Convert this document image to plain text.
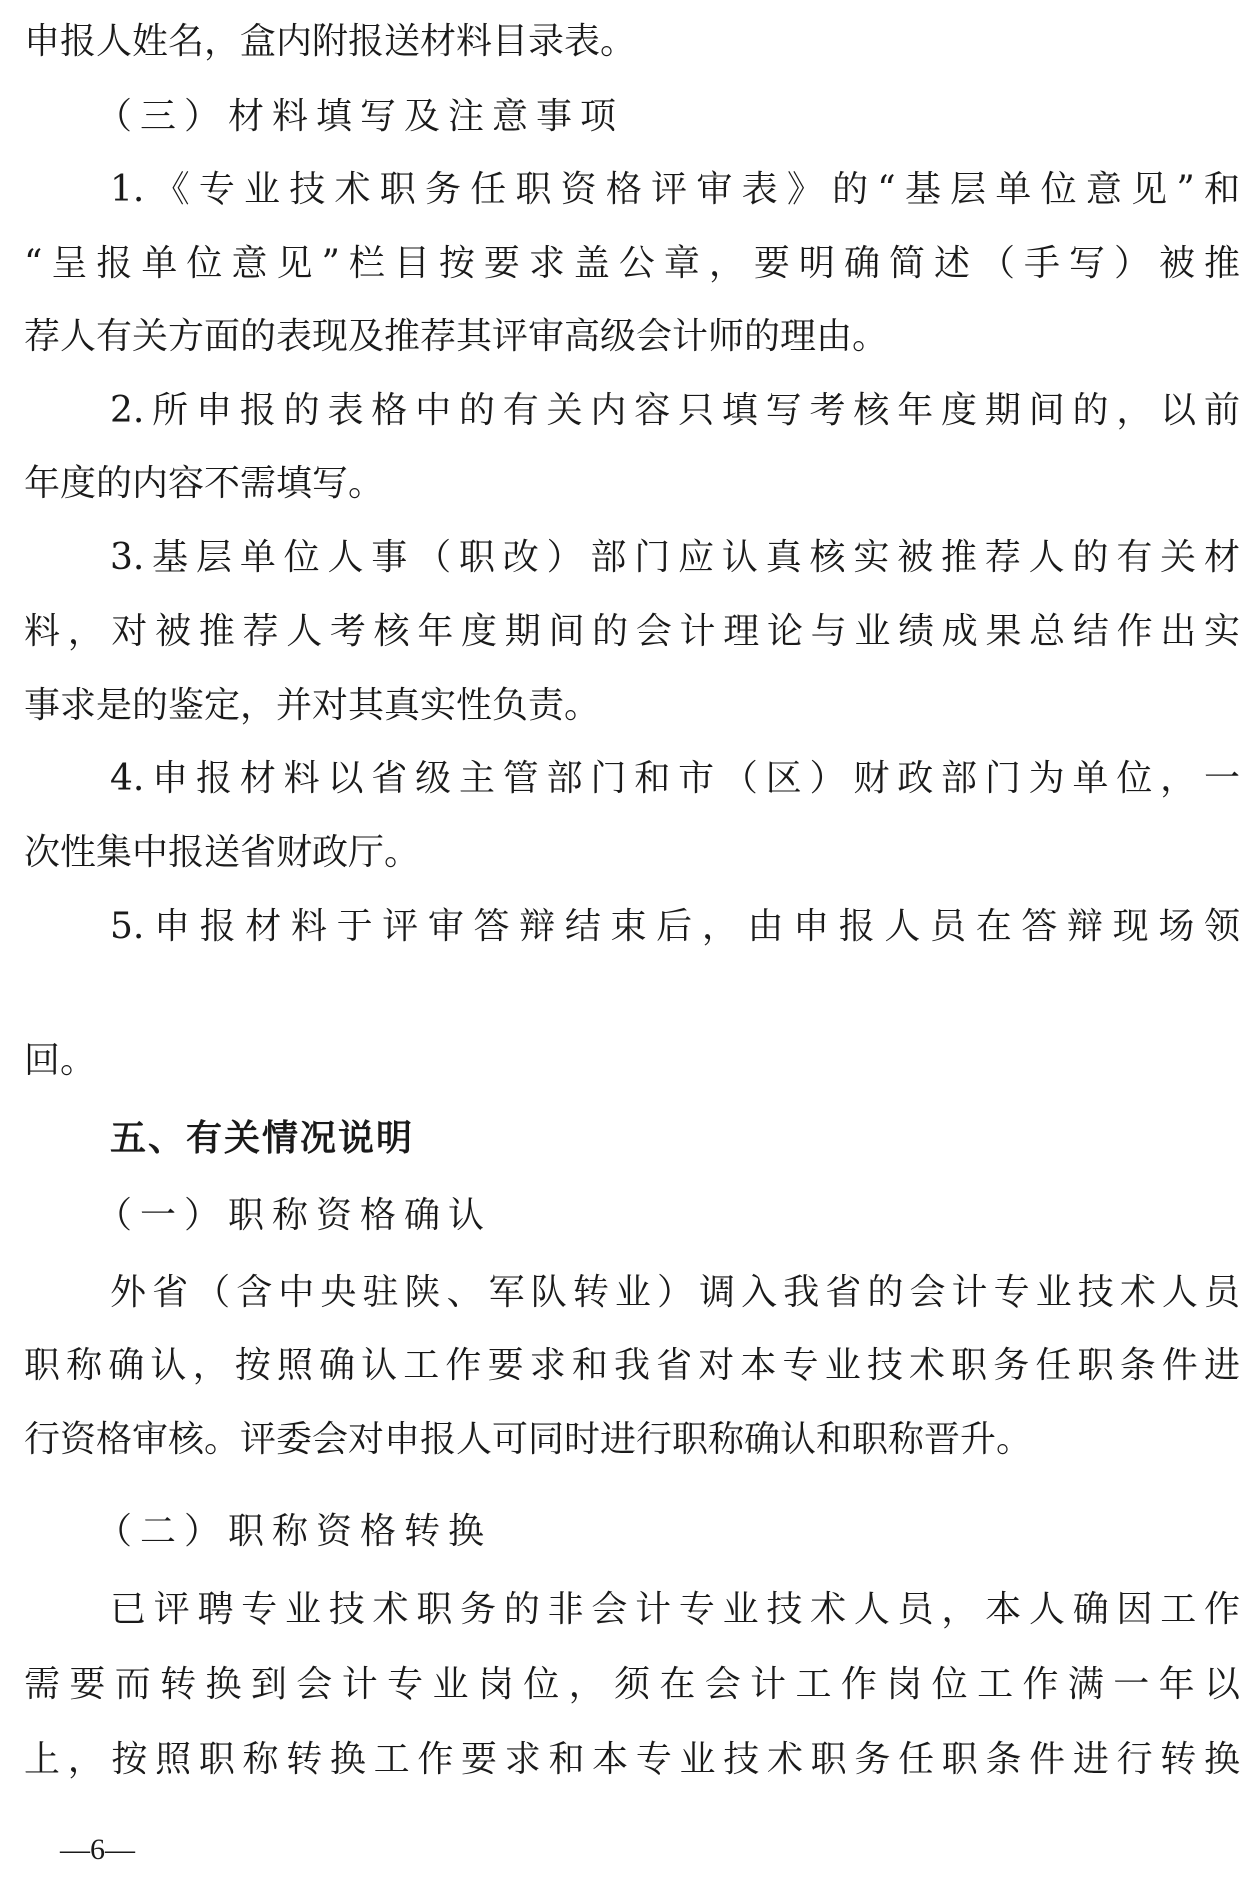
申报人姓名，盒内附报送材料目录表。
（三）材料填写及注意事项
1.《专业技术职务任职资格评审表》的“基层单位意见”和
“呈报单位意见”栏目按要求盖公章，要明确简述（手写）被推
荐人有关方面的表现及推荐其评审高级会计师的理由。
2.所申报的表格中的有关内容只填写考核年度期间的，以前
年度的内容不需填写。
3.基层单位人事（职改）部门应认真核实被推荐人的有关材
料，对被推荐人考核年度期间的会计理论与业绩成果总结作出实
事求是的鉴定，并对其真实性负责。
4.申报材料以省级主管部门和市（区）财政部门为单位，一
次性集中报送省财政厅。
5.申报材料于评审答辩结束后，由申报人员在答辩现场领
回。
五、有关情况说明
（一）职称资格确认
外省（含中央驻陕、军队转业）调入我省的会计专业技术人员
职称确认，按照确认工作要求和我省对本专业技术职务任职条件进
行资格审核。评委会对申报人可同时进行职称确认和职称晋升。
（二）职称资格转换
已评聘专业技术职务的非会计专业技术人员，本人确因工作
需要而转换到会计专业岗位，须在会计工作岗位工作满一年以
上，按照职称转换工作要求和本专业技术职务任职条件进行转换
—6—
